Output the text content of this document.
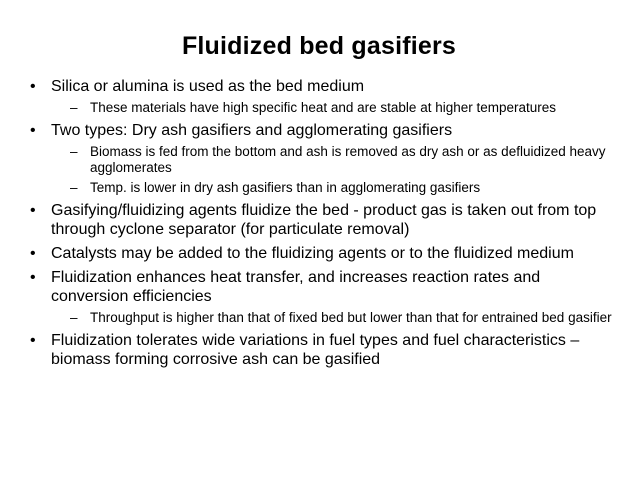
Fluidized bed gasifiers
• Silica or alumina is used as the bed medium
– These materials have high specific heat and are stable at higher temperatures
• Two types: Dry ash gasifiers and agglomerating gasifiers
– Biomass is fed from the bottom and ash is removed as dry ash or as defluidized heavy agglomerates
– Temp. is lower in dry ash gasifiers than in agglomerating gasifiers
• Gasifying/fluidizing agents fluidize the bed - product gas is taken out from top through cyclone separator (for particulate removal)
• Catalysts may be added to the fluidizing agents or to the fluidized medium
• Fluidization enhances heat transfer, and increases reaction rates and conversion efficiencies
– Throughput is higher than that of fixed bed but lower than that for entrained bed gasifier
• Fluidization tolerates wide variations in fuel types and fuel characteristics – biomass forming corrosive ash can be gasified
